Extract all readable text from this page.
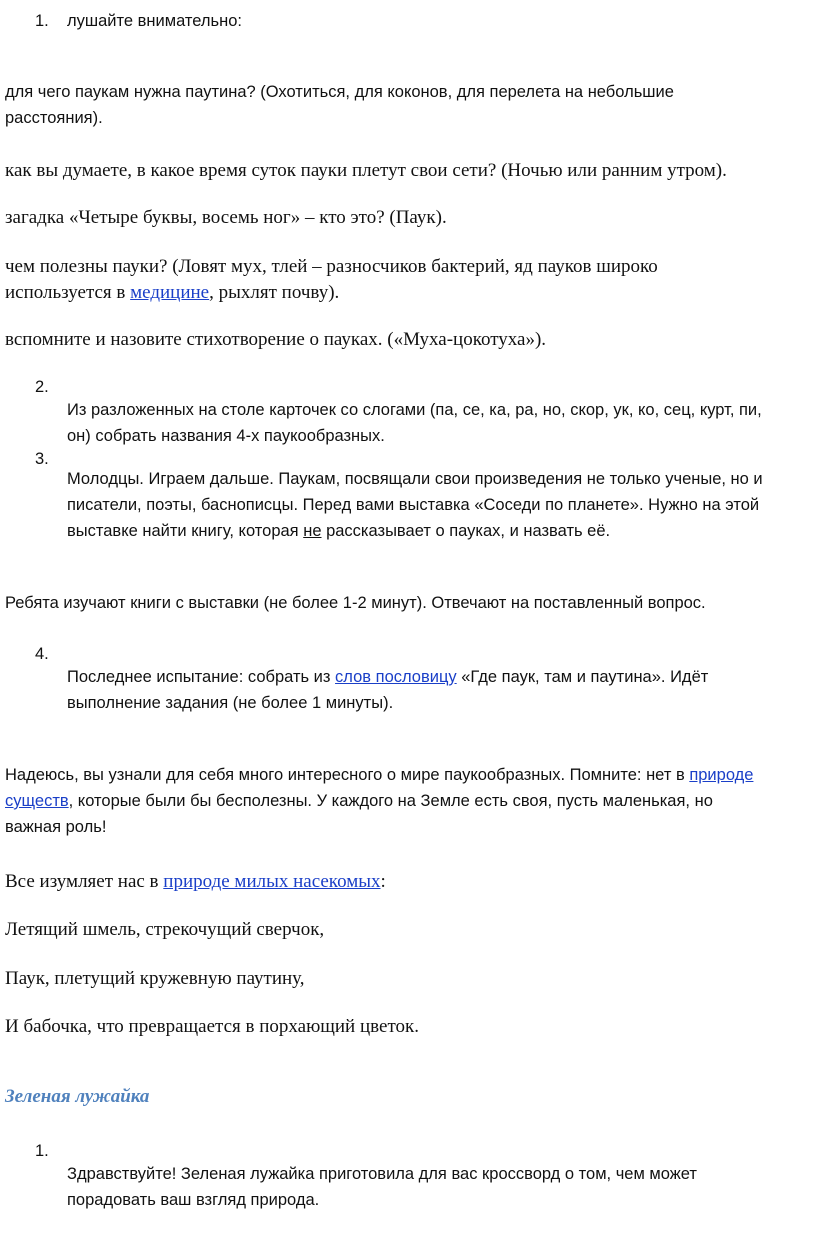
1. лушайте внимательно:
для чего паукам нужна паутина? (Охотиться, для коконов, для перелета на небольшие
расстояния).
как вы думаете, в какое время суток пауки плетут свои сети? (Ночью или ранним утром).
загадка «Четыре буквы, восемь ног» – кто это? (Паук).
чем полезны пауки? (Ловят мух, тлей – разносчиков бактерий, яд пауков широко
используется в медицине, рыхлят почву).
вспомните и назовите стихотворение о пауках. («Муха-цокотуха»).
2.
Из разложенных на столе карточек со слогами (па, се, ка, ра, но, скор, ук, ко, сец, курт, пи,
он) собрать названия 4-х паукообразных.
3.
Молодцы. Играем дальше. Паукам, посвящали свои произведения не только ученые, но и
писатели, поэты, баснописцы. Перед вами выставка «Соседи по планете». Нужно на этой
выставке найти книгу, которая не рассказывает о пауках, и назвать её.
Ребята изучают книги с выставки (не более 1-2 минут). Отвечают на поставленный вопрос.
4.
Последнее испытание: собрать из слов пословицу «Где паук, там и паутина». Идёт
выполнение задания (не более 1 минуты).
Надеюсь, вы узнали для себя много интересного о мире паукообразных. Помните: нет в природе
существ, которые были бы бесполезны. У каждого на Земле есть своя, пусть маленькая, но
важная роль!
Все изумляет нас в природе милых насекомых:
Летящий шмель, стрекочущий сверчок,
Паук, плетущий кружевную паутину,
И бабочка, что превращается в порхающий цветок.
Зеленая лужайка
1.
Здравствуйте! Зеленая лужайка приготовила для вас кроссворд о том, чем может
порадовать ваш взгляд природа.
